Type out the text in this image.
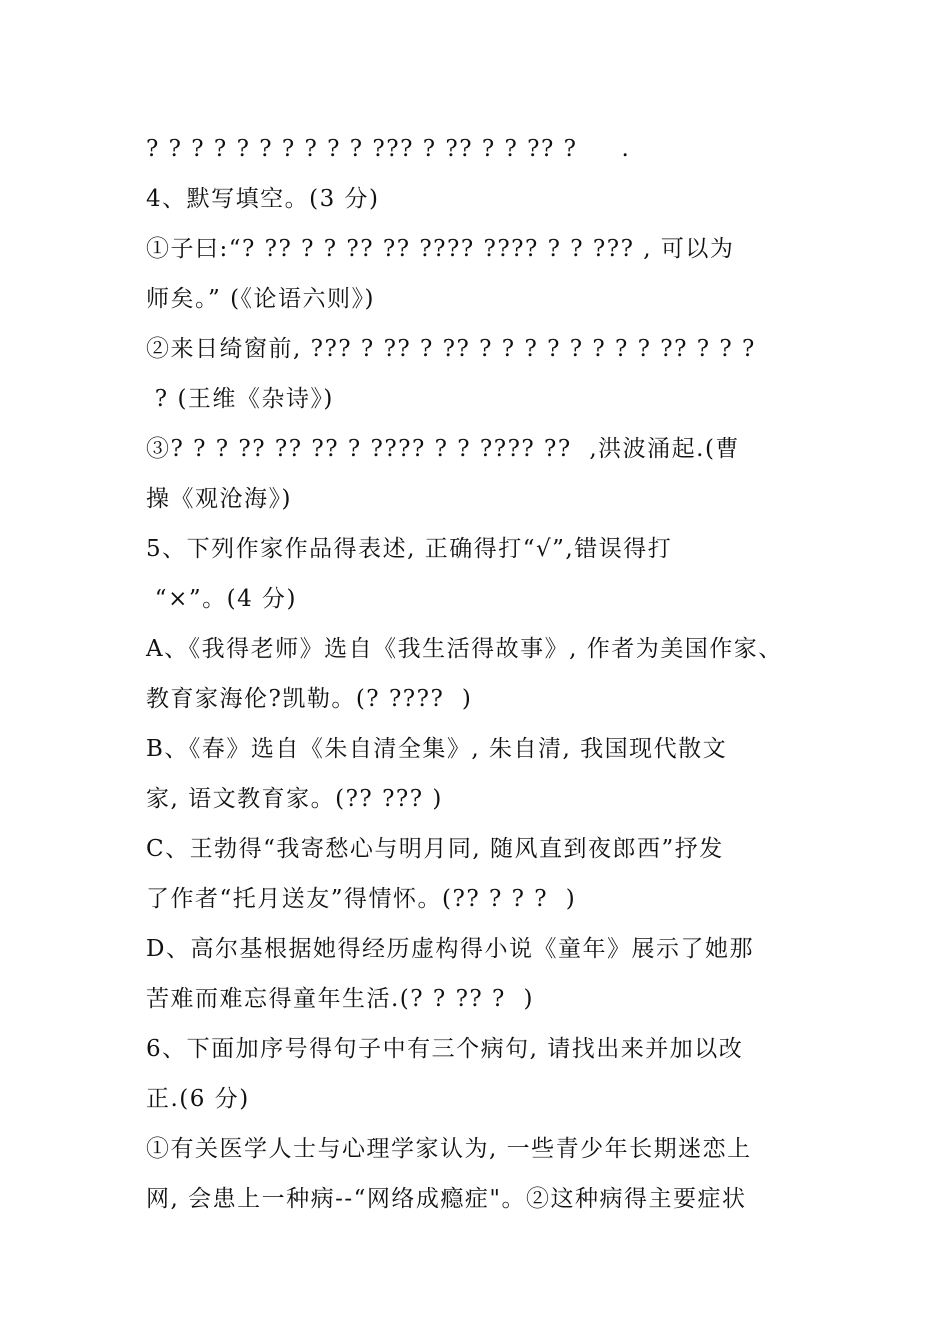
? ? ? ? ? ? ? ? ? ? ??? ? ?? ? ? ?? ?     .
4、默写填空。(3 分)
①子曰:“? ?? ? ? ?? ?? ???? ???? ? ? ??? , 可以为
师矣。” (《论语六则》)
②来日绮窗前, ??? ? ?? ? ?? ? ? ? ? ? ? ? ? ?? ? ? ?
? (王维《杂诗》)
③? ? ? ?? ?? ?? ? ???? ? ? ???? ??  ,洪波涌起.(曹
操《观沧海》)
5、下列作家作品得表述, 正确得打“√”,错误得打
“×”。(4 分)
A、《我得老师》选自《我生活得故事》, 作者为美国作家、
教育家海伦?凯勒。(? ????  )
B、《春》选自《朱自清全集》, 朱自清, 我国现代散文
家, 语文教育家。(?? ??? )
C、王勃得“我寄愁心与明月同, 随风直到夜郎西”抒发
了作者“托月送友”得情怀。(?? ? ? ?  )
D、高尔基根据她得经历虚构得小说《童年》展示了她那
苦难而难忘得童年生活.(? ? ?? ?  )
6、下面加序号得句子中有三个病句, 请找出来并加以改
正.(6 分)
①有关医学人士与心理学家认为, 一些青少年长期迷恋上
网, 会患上一种病--“网络成瘾症"。②这种病得主要症状
